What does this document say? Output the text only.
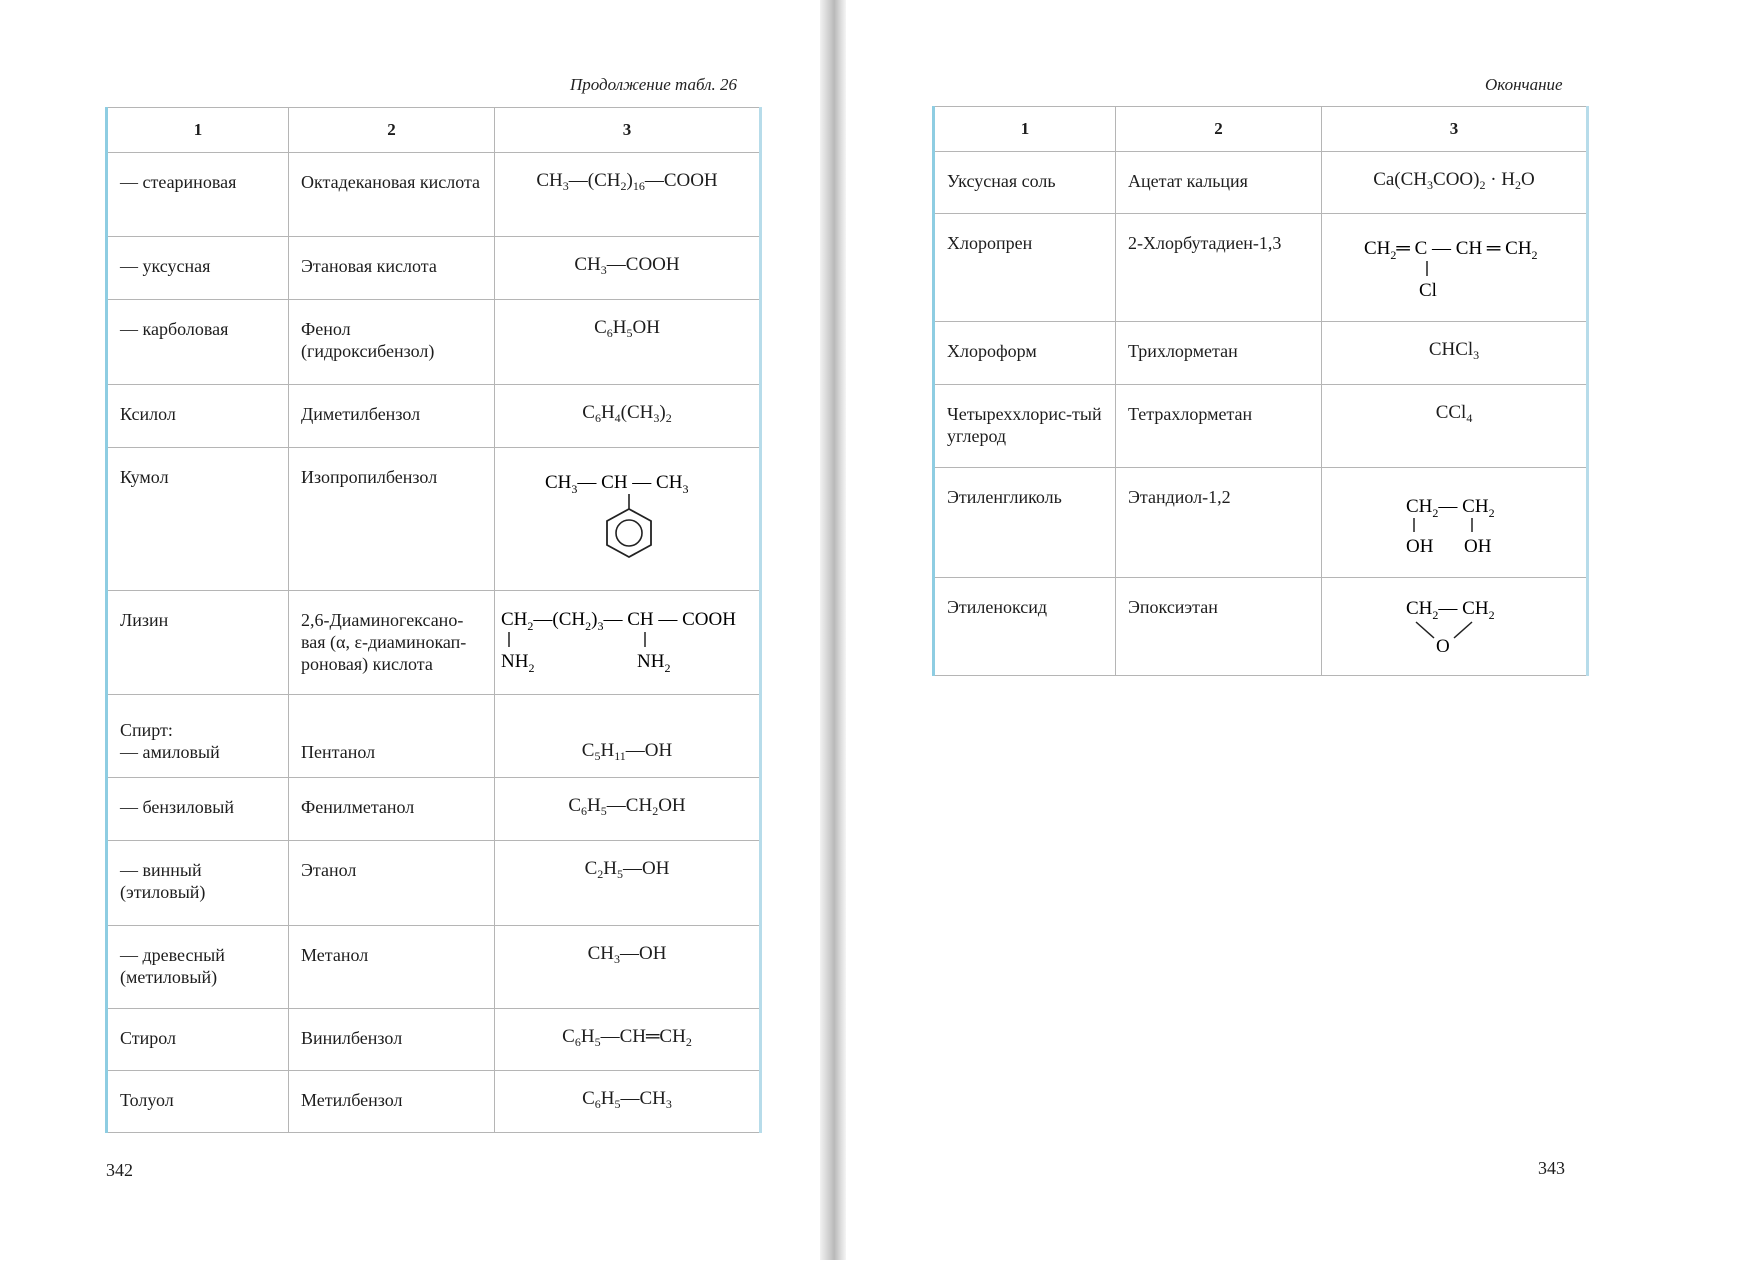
Продолжение табл. 26
1	2	3
— стеариновая	Октадекановая кислота	$CH_3—(CH_2)_{16}—COOH$
— уксусная	Этановая кислота	$CH_3—COOH$
— карболовая	Фенол (гидроксибензол)	$C_6H_5OH$
Ксилол	Диметилбензол	$C_6H_4(CH_3)_2$
Кумол	Изопропилбензол	$CH_3—$ CH — $CH_3$

Лизин	2,6-Диаминогексано-вая (α, ε-диаминокап-роновая) кислота	$CH_2—(CH_2)_3—$ CH — COOH
$NH_2$ $NH_2$

Спирт:
— амиловый	Пентанол	$C_5H_{11}—OH$
— бензиловый	Фенилметанол	$C_6H_5—CH_2OH$
— винный (этиловый)	Этанол	$C_2H_5—OH$
— древесный (метиловый)	Метанол	$CH_3—OH$
Стирол	Винилбензол	$C_6H_5—CH═CH_2$
Толуол	Метилбензол	$C_6H_5—CH_3$
342
Окончание
343
1	2	3
Уксусная соль	Ацетат кальция	$Ca(CH_3COO)_2 \cdot H_2O$
Хлоропрен	2-Хлорбутадиен-1,3	$CH_2═$ C — CH ═ $CH_2$
Cl

Хлороформ	Трихлорметан	CHCl$_3$
Четыреххлорис-тый углерод	Тетрахлорметан	CCl$_4$
Этиленгликоль	Этандиол-1,2	$CH_2—$ $CH_2$
OH OH

Этиленоксид	Эпоксиэтан	$CH_2—$ $CH_2$
O
